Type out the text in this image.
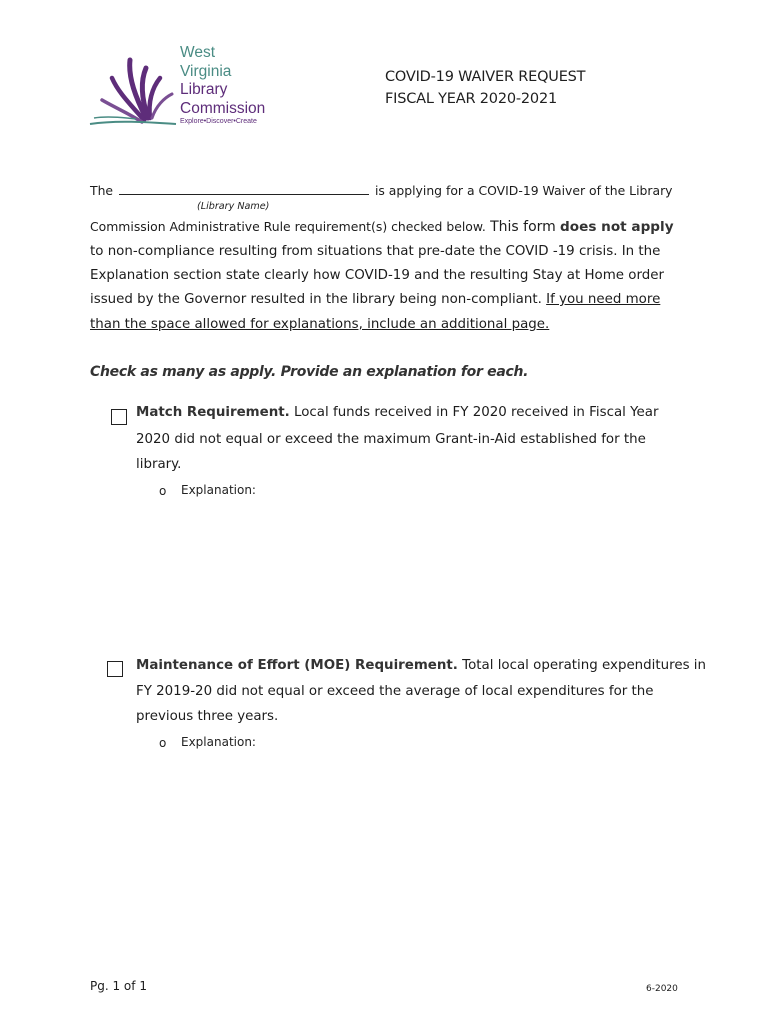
West
Virginia
Library
Commission
Explore•Discover•Create
COVID-19 WAIVER REQUEST
FISCAL YEAR 2020-2021
The	is applying for a COVID-19 Waiver of the Library
(Library Name)
Commission Administrative Rule requirement(s) checked below. This form does not apply
to non-compliance resulting from situations that pre-date the COVID -19 crisis. In the
Explanation section state clearly how COVID-19 and the resulting Stay at Home order
issued by the Governor resulted in the library being non-compliant. If you need more
than the space allowed for explanations, include an additional page.
Check as many as apply. Provide an explanation for each.
Match Requirement. Local funds received in FY 2020 received in Fiscal Year
2020 did not equal or exceed the maximum Grant-in-Aid established for the
library.
o Explanation:
Maintenance of Effort (MOE) Requirement. Total local operating expenditures in
FY 2019-20 did not equal or exceed the average of local expenditures for the
previous three years.
o Explanation:
Pg. 1 of 1	6-2020
